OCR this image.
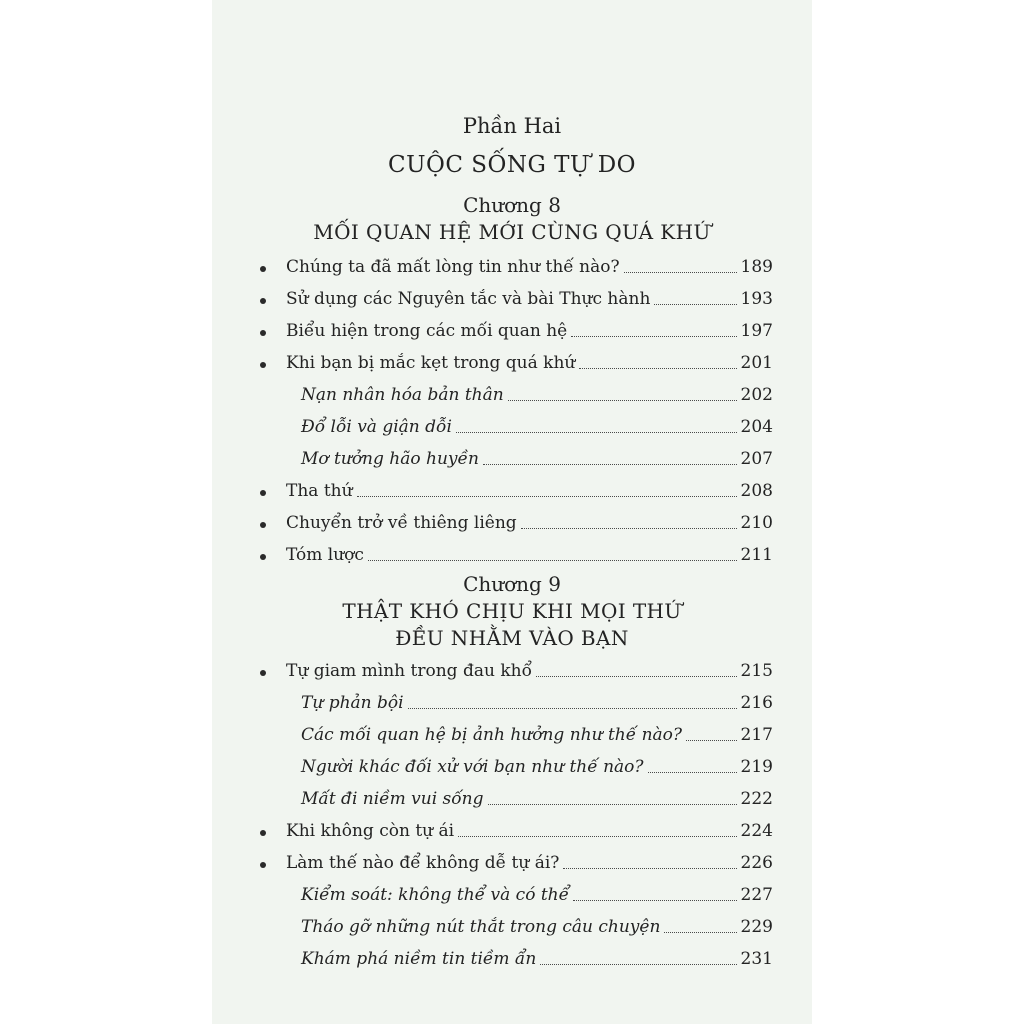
Phần Hai
CUỘC SỐNG TỰ DO
Chương 8
MỐI QUAN HỆ MỚI CÙNG QUÁ KHỨ
Chúng ta đã mất lòng tin như thế nào?	189
Sử dụng các Nguyên tắc và bài Thực hành	193
Biểu hiện trong các mối quan hệ	197
Khi bạn bị mắc kẹt trong quá khứ	201
Nạn nhân hóa bản thân	202
Đổ lỗi và giận dỗi	204
Mơ tưởng hão huyền	207
Tha thứ	208
Chuyển trở về thiêng liêng	210
Tóm lược	211
Chương 9
THẬT KHÓ CHỊU KHI MỌI THỨ
ĐỀU NHẰM VÀO BẠN
Tự giam mình trong đau khổ	215
Tự phản bội	216
Các mối quan hệ bị ảnh hưởng như thế nào?	217
Người khác đối xử với bạn như thế nào?	219
Mất đi niềm vui sống	222
Khi không còn tự ái	224
Làm thế nào để không dễ tự ái?	226
Kiểm soát: không thể và có thể	227
Tháo gỡ những nút thắt trong câu chuyện	229
Khám phá niềm tin tiềm ẩn	231
